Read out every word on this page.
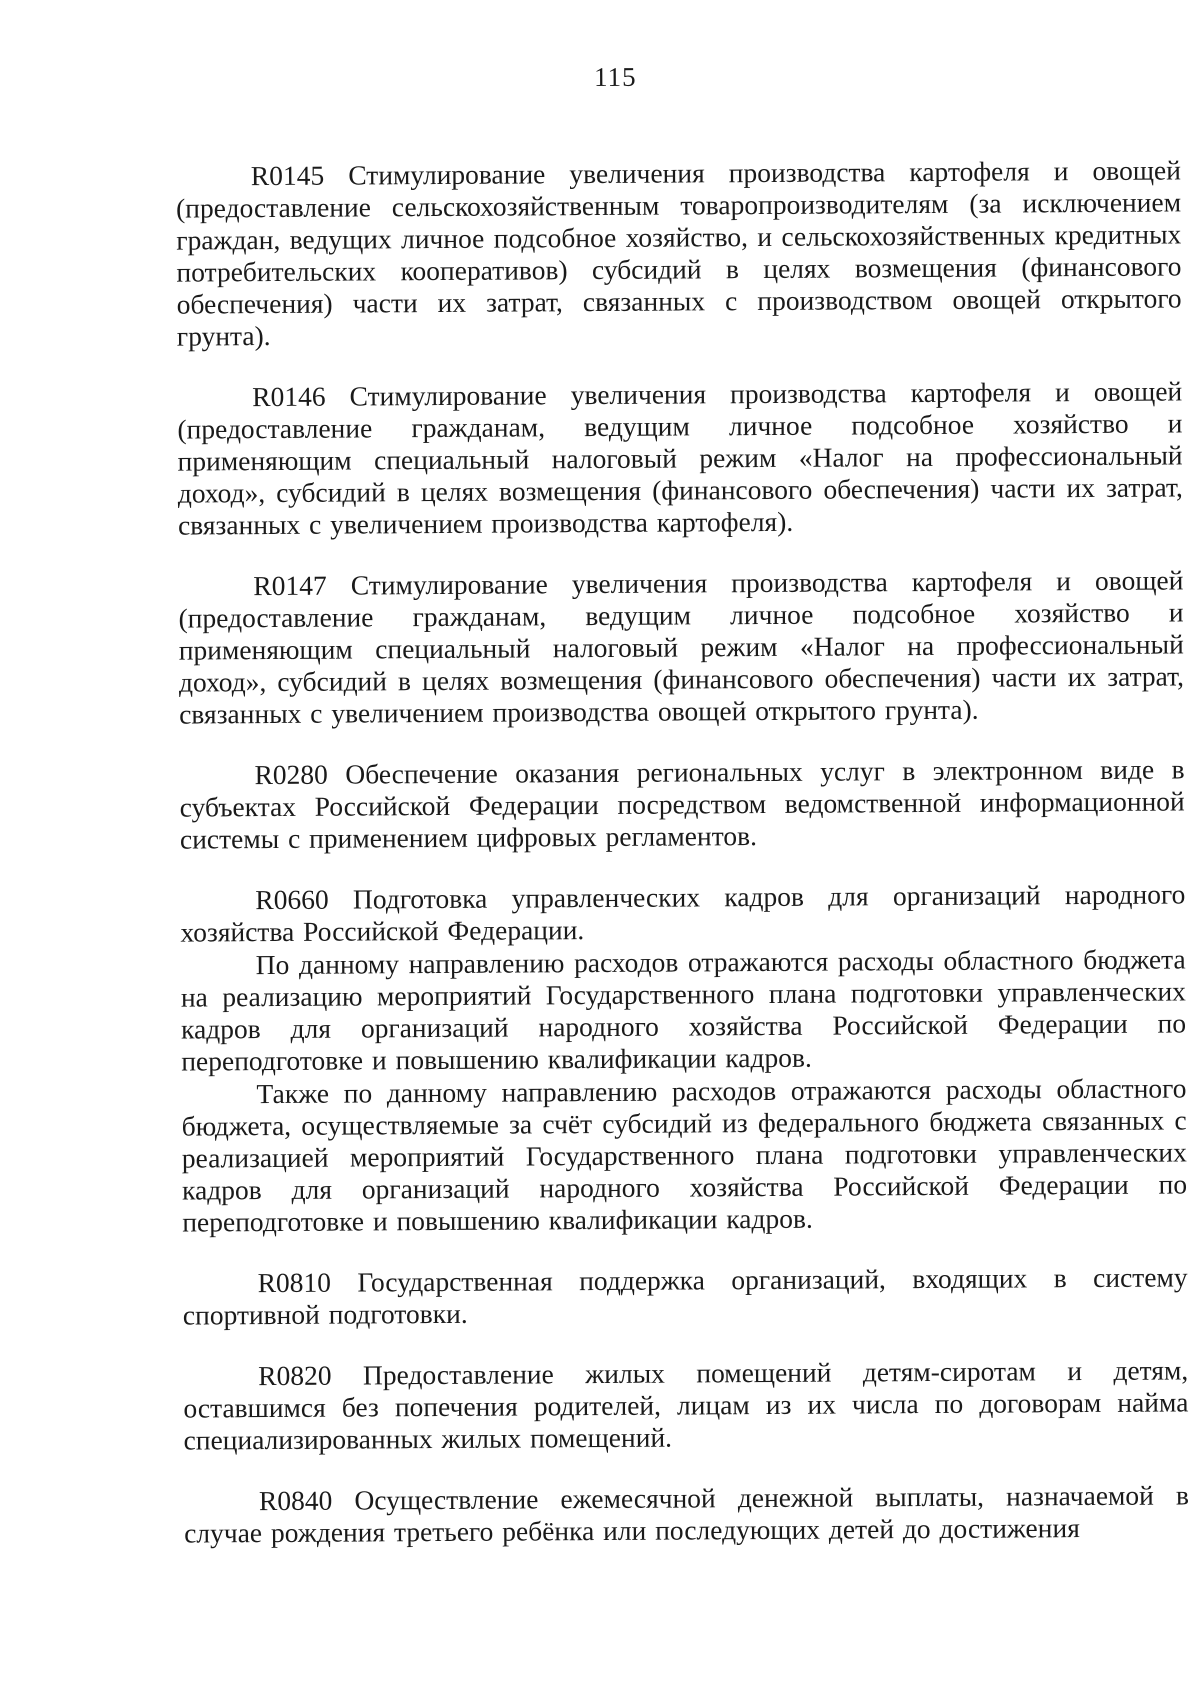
115

R0145 Стимулирование увеличения производства картофеля и овощей (предоставление сельскохозяйственным товаропроизводителям (за исключением граждан, ведущих личное подсобное хозяйство, и сельскохозяйственных кредитных потребительских кооперативов) субсидий в целях возмещения (финансового обеспечения) части их затрат, связанных с производством овощей открытого грунта).

R0146 Стимулирование увеличения производства картофеля и овощей (предоставление гражданам, ведущим личное подсобное хозяйство и применяющим специальный налоговый режим «Налог на профессиональный доход», субсидий в целях возмещения (финансового обеспечения) части их затрат, связанных с увеличением производства картофеля).

R0147 Стимулирование увеличения производства картофеля и овощей (предоставление гражданам, ведущим личное подсобное хозяйство и применяющим специальный налоговый режим «Налог на профессиональный доход», субсидий в целях возмещения (финансового обеспечения) части их затрат, связанных с увеличением производства овощей открытого грунта).

R0280 Обеспечение оказания региональных услуг в электронном виде в субъектах Российской Федерации посредством ведомственной информационной системы с применением цифровых регламентов.

R0660 Подготовка управленческих кадров для организаций народного хозяйства Российской Федерации.

По данному направлению расходов отражаются расходы областного бюджета на реализацию мероприятий Государственного плана подготовки управленческих кадров для организаций народного хозяйства Российской Федерации по переподготовке и повышению квалификации кадров.

Также по данному направлению расходов отражаются расходы областного бюджета, осуществляемые за счёт субсидий из федерального бюджета связанных с реализацией мероприятий Государственного плана подготовки управленческих кадров для организаций народного хозяйства Российской Федерации по переподготовке и повышению квалификации кадров.

R0810 Государственная поддержка организаций, входящих в систему спортивной подготовки.

R0820 Предоставление жилых помещений детям-сиротам и детям, оставшимся без попечения родителей, лицам из их числа по договорам найма специализированных жилых помещений.

R0840 Осуществление ежемесячной денежной выплаты, назначаемой в случае рождения третьего ребёнка или последующих детей до достижения
